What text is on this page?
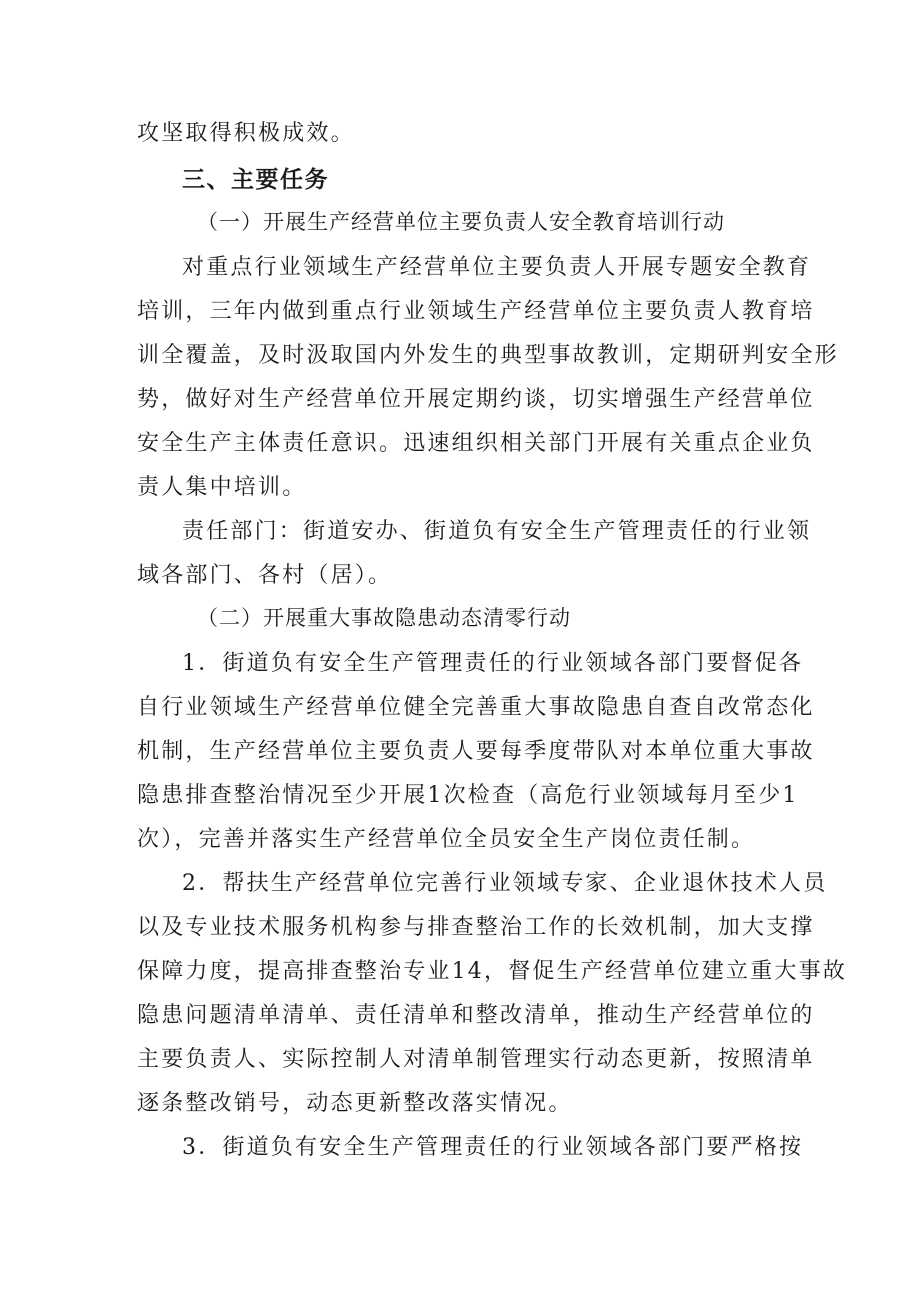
攻坚取得积极成效。
三、主要任务
（一）开展生产经营单位主要负责人安全教育培训行动
对重点行业领域生产经营单位主要负责人开展专题安全教育
培训，三年内做到重点行业领域生产经营单位主要负责人教育培
训全覆盖，及时汲取国内外发生的典型事故教训，定期研判安全形
势，做好对生产经营单位开展定期约谈，切实增强生产经营单位
安全生产主体责任意识。迅速组织相关部门开展有关重点企业负
责人集中培训。
责任部门：街道安办、街道负有安全生产管理责任的行业领
域各部门、各村（居）。
（二）开展重大事故隐患动态清零行动
1．街道负有安全生产管理责任的行业领域各部门要督促各
自行业领域生产经营单位健全完善重大事故隐患自查自改常态化
机制，生产经营单位主要负责人要每季度带队对本单位重大事故
隐患排查整治情况至少开展1次检查（高危行业领域每月至少1
次），完善并落实生产经营单位全员安全生产岗位责任制。
2．帮扶生产经营单位完善行业领域专家、企业退休技术人员
以及专业技术服务机构参与排查整治工作的长效机制，加大支撑
保障力度，提高排查整治专业14，督促生产经营单位建立重大事故
隐患问题清单清单、责任清单和整改清单，推动生产经营单位的
主要负责人、实际控制人对清单制管理实行动态更新，按照清单
逐条整改销号，动态更新整改落实情况。
3．街道负有安全生产管理责任的行业领域各部门要严格按
